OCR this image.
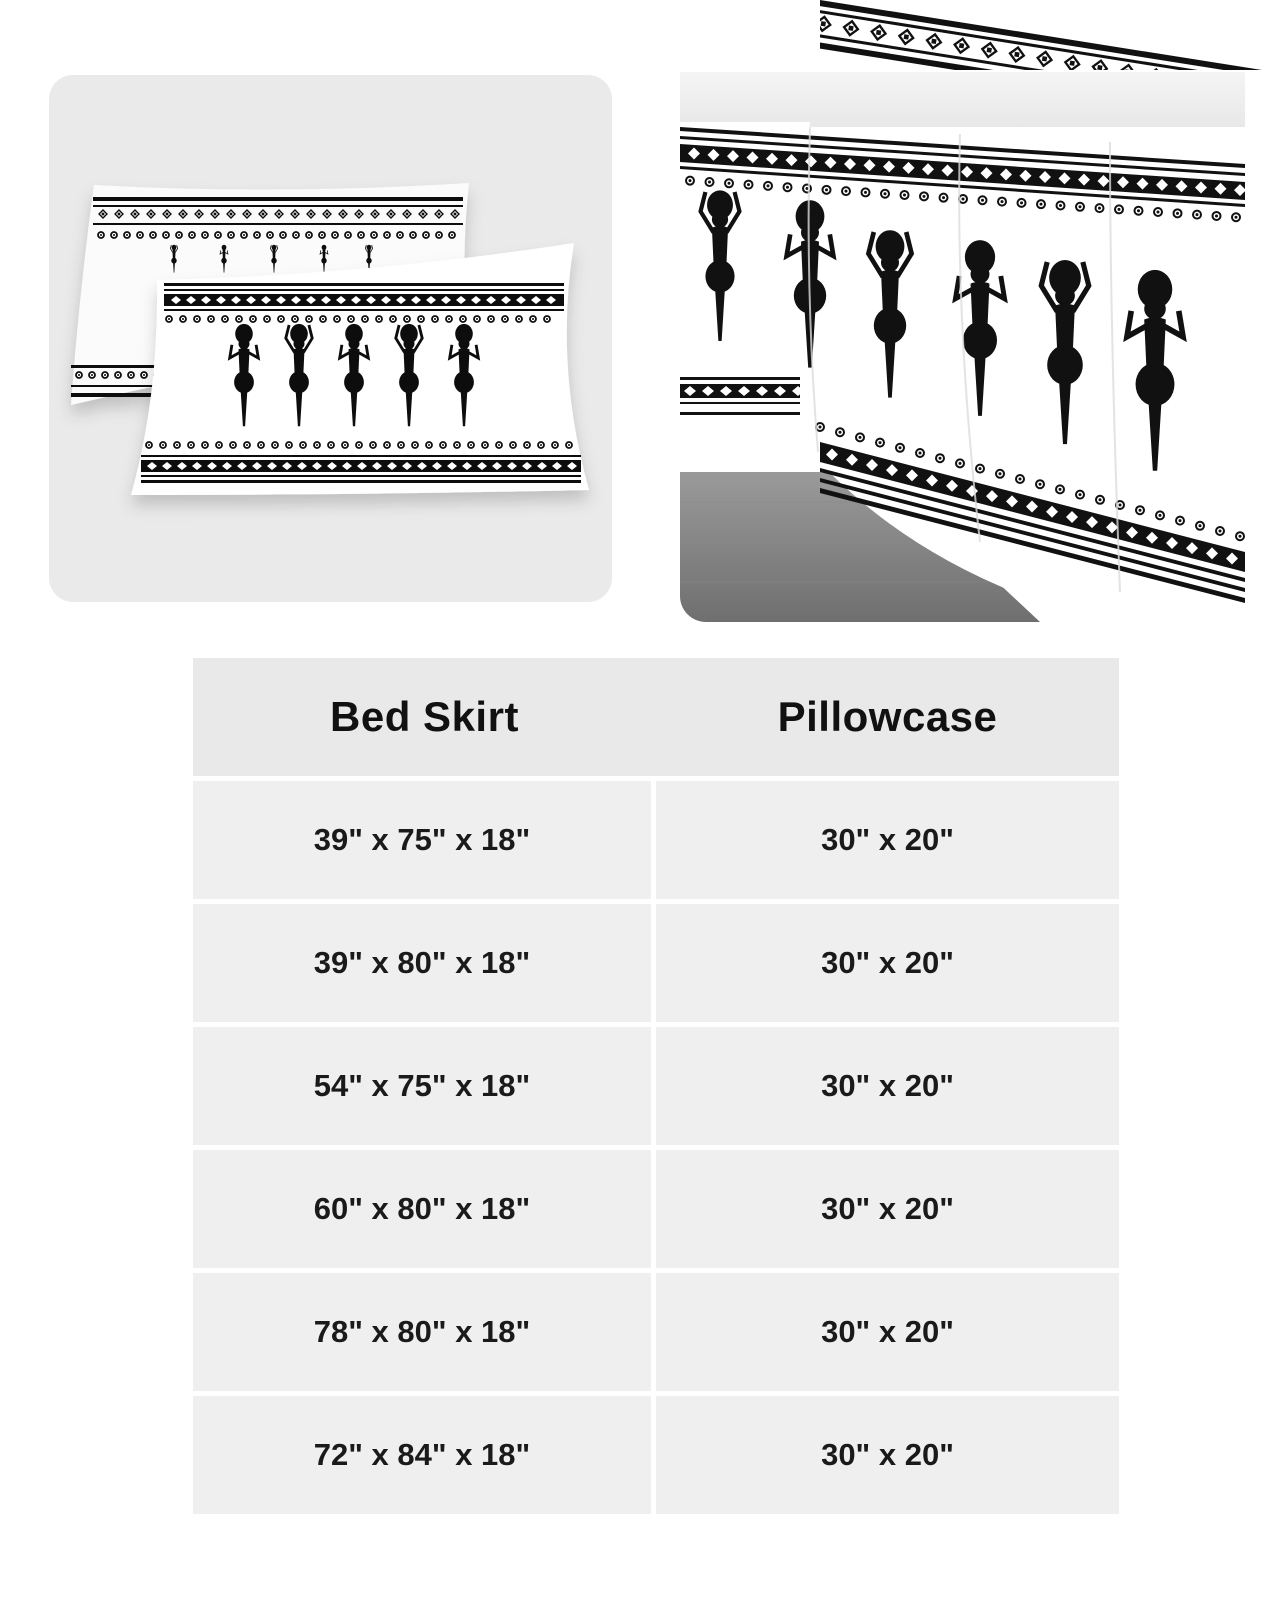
Bed Skirt	Pillowcase
39" x 75" x 18"	30" x 20"
39" x 80" x 18"	30" x 20"
54" x 75" x 18"	30" x 20"
60" x 80" x 18"	30" x 20"
78" x 80" x 18"	30" x 20"
72" x 84" x 18"	30" x 20"
